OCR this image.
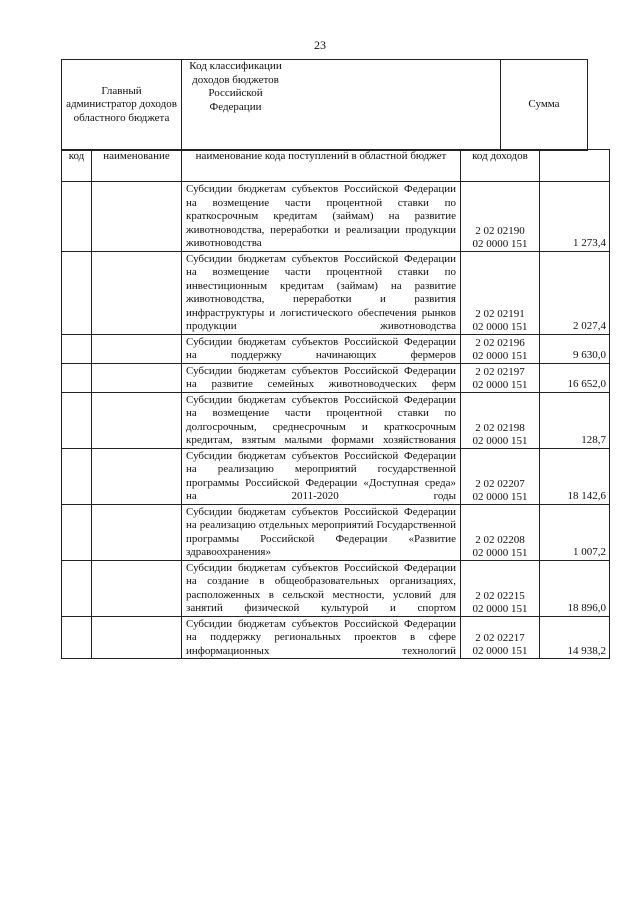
23
Главный администратор доходов областного бюджета	
Код классификации доходов бюджетов Российской Федерации	Сумма
код	наименование	наименование кода поступлений в областной бюджет	код доходов	
		Субсидии бюджетам субъектов Российской Федерации на возмещение части процентной ставки по краткосрочным кредитам (займам) на развитие животноводства, переработки и реализации продукции животноводства	2 02 02190
02 0000 151	1 273,4
		Субсидии бюджетам субъектов Российской Федерации на возмещение части процентной ставки по инвестиционным кредитам (займам) на развитие животноводства, переработки и развития инфраструктуры и логистического обеспечения рынков продукции животноводства	2 02 02191
02 0000 151	2 027,4
		Субсидии бюджетам субъектов Российской Федерации на поддержку начинающих фермеров	2 02 02196
02 0000 151	9 630,0
		Субсидии бюджетам субъектов Российской Федерации на развитие семейных животноводческих ферм	2 02 02197
02 0000 151	16 652,0
		Субсидии бюджетам субъектов Российской Федерации на возмещение части процентной ставки по долгосрочным, среднесрочным и краткосрочным кредитам, взятым малыми формами хозяйствования	2 02 02198
02 0000 151	128,7
		Субсидии бюджетам субъектов Российской Федерации на реализацию мероприятий государственной программы Российской Федерации «Доступная среда» на 2011-2020 годы	2 02 02207
02 0000 151	18 142,6
		Субсидии бюджетам субъектов Российской Федерации на реализацию отдельных мероприятий Государственной программы Российской Федерации «Развитие здравоохранения»	2 02 02208
02 0000 151	1 007,2
		Субсидии бюджетам субъектов Российской Федерации на создание в общеобразовательных организациях, расположенных в сельской местности, условий для занятий физической культурой и спортом	2 02 02215
02 0000 151	18 896,0
		Субсидии бюджетам субъектов Российской Федерации на поддержку региональных проектов в сфере информационных технологий	2 02 02217
02 0000 151	14 938,2
